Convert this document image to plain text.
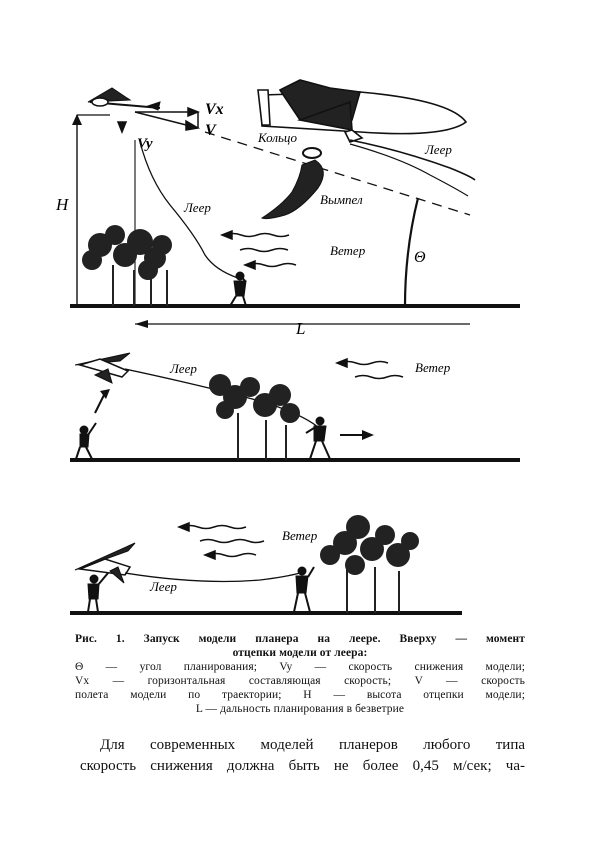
H
L
Θ
Vx
V
Vy
Леер
Ветер
Кольцо
Леер
Вымпел
Леер	Ветер
Леер
Ветер
Рис. 1. Запуск модели планера на леере. Вверху — момент
отцепки модели от леера:
Θ — угол планирования; Vy — скорость снижения модели;
Vx — горизонтальная составляющая скорость; V — скорость
полета модели по траектории; H — высота отцепки модели;
L — дальность планирования в безветрие
Для современных моделей планеров любого типа
скорость снижения должна быть не более 0,45 м/сек; ча-
